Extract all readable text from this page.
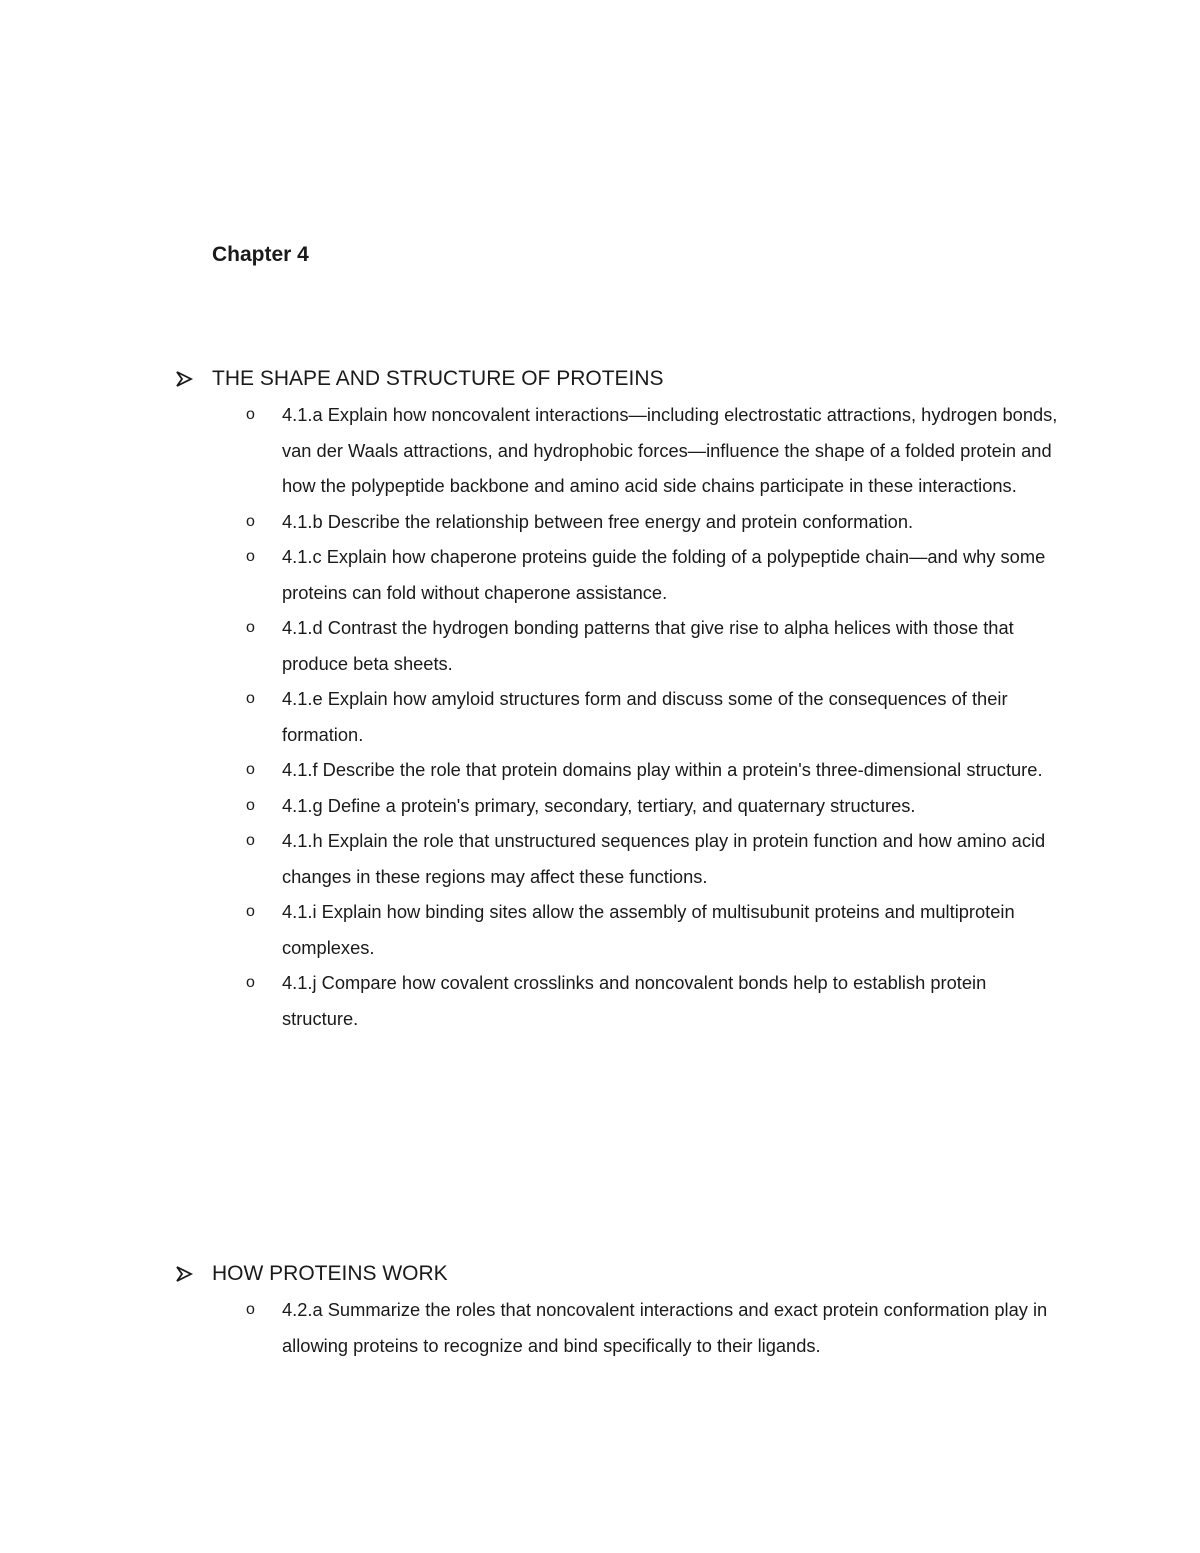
Chapter 4
THE SHAPE AND STRUCTURE OF PROTEINS
o 4.1.a Explain how noncovalent interactions—including electrostatic attractions, hydrogen bonds, van der Waals attractions, and hydrophobic forces—influence the shape of a folded protein and how the polypeptide backbone and amino acid side chains participate in these interactions.
o 4.1.b Describe the relationship between free energy and protein conformation.
o 4.1.c Explain how chaperone proteins guide the folding of a polypeptide chain—and why some proteins can fold without chaperone assistance.
o 4.1.d Contrast the hydrogen bonding patterns that give rise to alpha helices with those that produce beta sheets.
o 4.1.e Explain how amyloid structures form and discuss some of the consequences of their formation.
o 4.1.f Describe the role that protein domains play within a protein's three-dimensional structure.
o 4.1.g Define a protein's primary, secondary, tertiary, and quaternary structures.
o 4.1.h Explain the role that unstructured sequences play in protein function and how amino acid changes in these regions may affect these functions.
o 4.1.i Explain how binding sites allow the assembly of multisubunit proteins and multiprotein complexes.
o 4.1.j Compare how covalent crosslinks and noncovalent bonds help to establish protein structure.
HOW PROTEINS WORK
o 4.2.a Summarize the roles that noncovalent interactions and exact protein conformation play in allowing proteins to recognize and bind specifically to their ligands.
